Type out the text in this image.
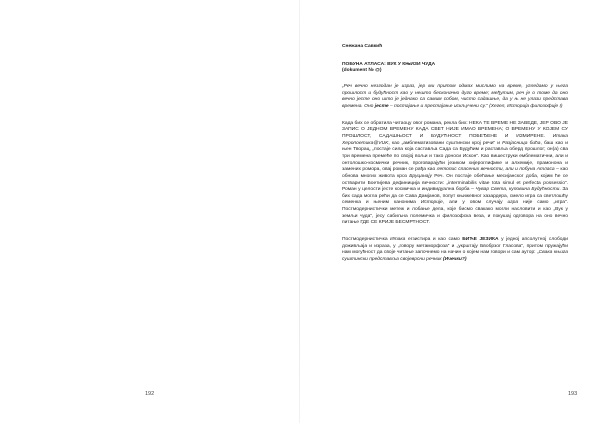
192

Снежана Савкић

ПОБУНА АТЛАСА: ВУК У КЊИЗИ ЧУДА

(dokument № @)

„Реч вечно незгодан је израз, јер ми притом одмах мислимо на време, угледамо у њега прошлост и будућност као у нешто бесконачно дуго време; међутим, реч је о томе да оно вечно јесте оно што је једнако са самим собом, чисто садашње, да у њ не улази представа времена. Оно јесте – постајање и престајање искључени су.“ (Хегел, Историја филозофије I)

Када бих се обратила читаоцу овог романа, рекла бих: НЕКА ТЕ ВРЕМЕ НЕ ЗАВЕДЕ, ЈЕР ОВО ЈЕ ЗАПИС О ЈЕДНОМ ВРЕМЕНУ КАДА СВЕТ НИЈЕ ИМАО ВРЕМЕНА; О ВРЕМЕНУ У КОЈЕМ СУ ПРОШЛОСТ, САДАШЊОСТ И БУДУЋНОСТ ПОБЕЂЕНЕ И ИЗМИРЕНЕ. Итака Херопоетика@VUK, као „амблематизовани суштински крој речи“ и Разјасница бића, баш као и њен Творац, „постаје сила која саставља Сада са Будућим и раставља оберд прошлог; он(а) сва три времена премеће по својој вољи и тако доноси Искон“. Као вишеструки емблематични, али и онтолошко-космички речник, проговарајући језиком хијероглифике и алхемије, прамонона и замених ромора, овај роман се рађа као летопис спасених вечности, али и побуна Атласа – као обнова многих живота кроз Бруцанају Реч. Он постаје обећање месијанског доба, којим ће се остварити Боетијева дефиниција вечности: „interminabilis vitae tota simul et perfecta possessio“. Роман у целости јесте космичка и индивидуална борба – Чувар Света, куповина Будућности. За бих сада могла рећи да се Сава Дамјанов, попут књижевног хазардера, смело игра са светлошћу семенка и њеним канонима Историје, али у овом случају игра није само „игра“. Постмодернистички метеж и лобање дела, које бисмо свакако могли насловити и као „Вук у земљи чуда“, јесу сабиљна полемичка и филозофска веза, и покушај одговора на оно вечно питање ГДЕ СЕ КРИЈЕ БЕСМРТНОСТ.

Постмодернистичка Итака егзистира и као само БИЋЕ ЈЕЗИКА у једној апсолутној слободи доживљаја и израза, у „говору метаморфоза“ и „укрштају Бвобрзог Гласова“, притом пружајући нам могућност да своје читање започнемо на начин о којем нам говори и сам аутор: „Свака књига суштински представља својеврсни речник (Ичечки?)

193
